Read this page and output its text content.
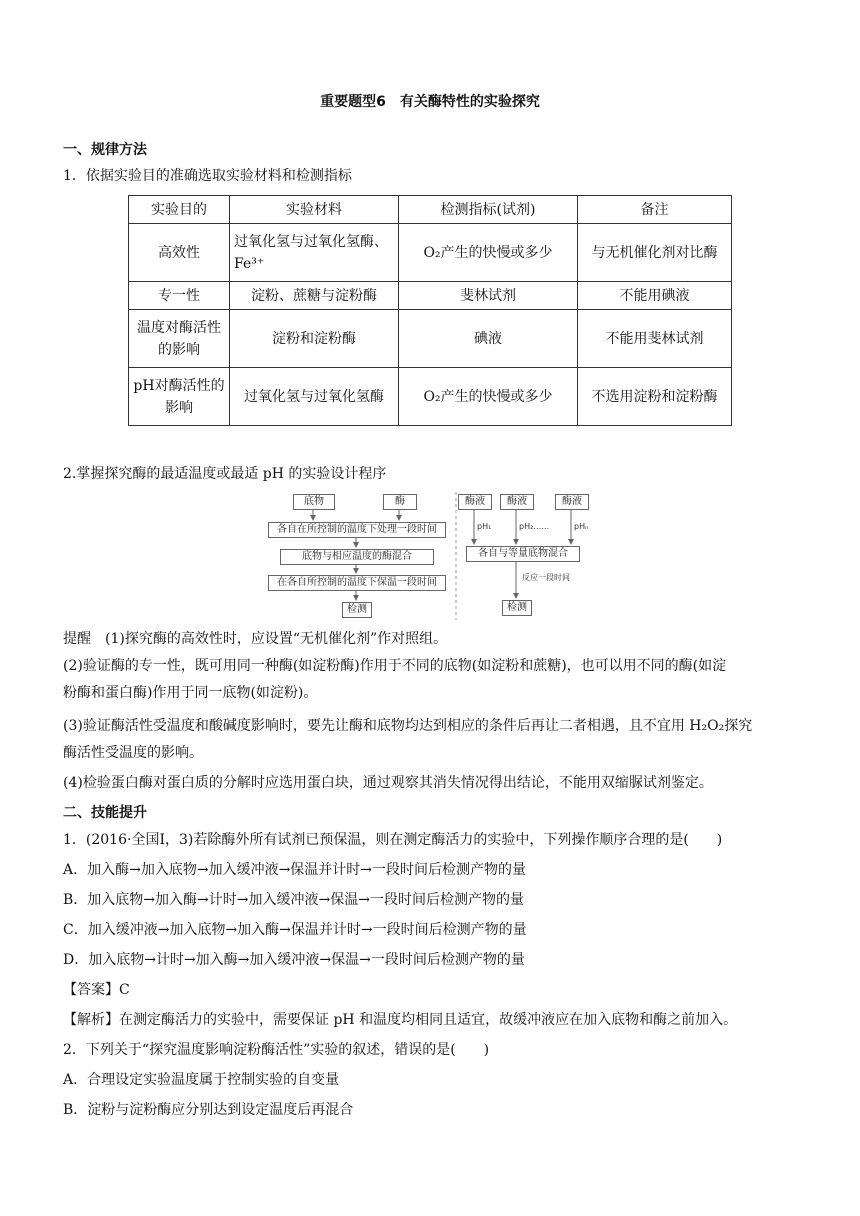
重要题型6　有关酶特性的实验探究
一、规律方法
1．依据实验目的准确选取实验材料和检测指标
实验目的	实验材料	检测指标(试剂)	备注
高效性	过氧化氢与过氧化氢酶、Fe³⁺	O₂产生的快慢或多少	与无机催化剂对比酶
专一性	淀粉、蔗糖与淀粉酶	斐林试剂	不能用碘液
温度对酶活性的影响	淀粉和淀粉酶	碘液	不能用斐林试剂
pH对酶活性的影响	过氧化氢与过氧化氢酶	O₂产生的快慢或多少	不选用淀粉和淀粉酶
2.掌握探究酶的最适温度或最适 pH 的实验设计程序
底物	酶
各自在所控制的温度下处理一段时间
底物与相应温度的酶混合
在各自所控制的温度下保温一段时间
检测
酶液	酶液	酶液
pH₁	pH₂……	pHₙ
各自与等量底物混合
反应一段时间
检测
提醒　(1)探究酶的高效性时，应设置“无机催化剂”作对照组。
(2)验证酶的专一性，既可用同一种酶(如淀粉酶)作用于不同的底物(如淀粉和蔗糖)，也可以用不同的酶(如淀
粉酶和蛋白酶)作用于同一底物(如淀粉)。
(3)验证酶活性受温度和酸碱度影响时，要先让酶和底物均达到相应的条件后再让二者相遇，且不宜用 H₂O₂探究
酶活性受温度的影响。
(4)检验蛋白酶对蛋白质的分解时应选用蛋白块，通过观察其消失情况得出结论，不能用双缩脲试剂鉴定。
二、技能提升
1．(2016·全国Ⅰ，3)若除酶外所有试剂已预保温，则在测定酶活力的实验中，下列操作顺序合理的是(　　)
A．加入酶→加入底物→加入缓冲液→保温并计时→一段时间后检测产物的量
B．加入底物→加入酶→计时→加入缓冲液→保温→一段时间后检测产物的量
C．加入缓冲液→加入底物→加入酶→保温并计时→一段时间后检测产物的量
D．加入底物→计时→加入酶→加入缓冲液→保温→一段时间后检测产物的量
【答案】C
【解析】在测定酶活力的实验中，需要保证 pH 和温度均相同且适宜，故缓冲液应在加入底物和酶之前加入。
2．下列关于“探究温度影响淀粉酶活性”实验的叙述，错误的是(　　)
A．合理设定实验温度属于控制实验的自变量
B．淀粉与淀粉酶应分别达到设定温度后再混合
